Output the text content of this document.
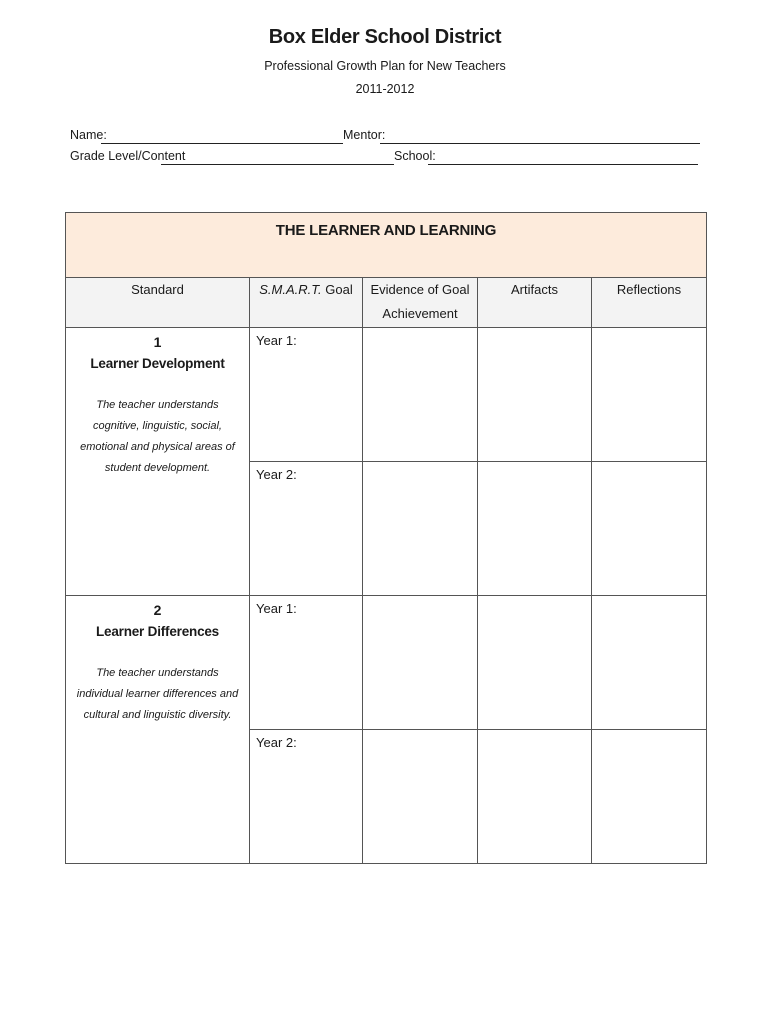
Box Elder School District
Professional Growth Plan for New Teachers
2011-2012
Name:	Mentor:
Grade Level/Content	School:
THE LEARNER AND LEARNING				

Standard	S.M.A.R.T. Goal	Evidence of Goal Achievement	Artifacts	Reflections

1
Learner Development
The teacher understands cognitive, linguistic, social, emotional and physical areas of student development.	Year 1:			
	Year 2:			

2
Learner Differences
The teacher understands individual learner differences and cultural and linguistic diversity.	Year 1:			
	Year 2:			
